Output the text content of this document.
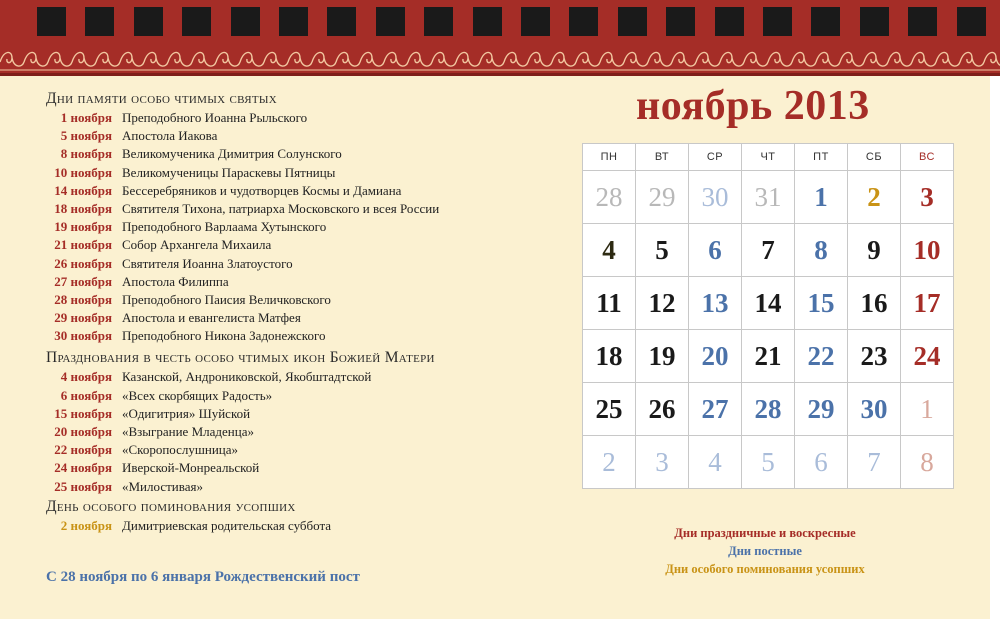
Дни памяти особо чтимых святых
1 ноября Преподобного Иоанна Рыльского
5 ноября Апостола Иакова
8 ноября Великомученика Димитрия Солунского
10 ноября Великомученицы Параскевы Пятницы
14 ноября Бессеребряников и чудотворцев Космы и Дамиана
18 ноября Святителя Тихона, патриарха Московского и всея России
19 ноября Преподобного Варлаама Хутынского
21 ноября Собор Архангела Михаила
26 ноября Святителя Иоанна Златоустого
27 ноября Апостола Филиппа
28 ноября Преподобного Паисия Величковского
29 ноября Апостола и евангелиста Матфея
30 ноября Преподобного Никона Задонежского
Празднования в честь особо чтимых икон Божией Матери
4 ноября Казанской, Андрониковской, Якобштадтской
6 ноября «Всех скорбящих Радость»
15 ноября «Одигитрия» Шуйской
20 ноября «Взыграние Младенца»
22 ноября «Скоропослушница»
24 ноября Иверской-Монреальской
25 ноября «Милостивая»
День особого поминования усопших
2 ноября Димитриевская родительская суббота
С 28 ноября по 6 января Рождественский пост
ноябрь 2013
ПН	ВТ	СР	ЧТ	ПТ	СБ	ВС
28	29	30	31	1	2	3
4	5	6	7	8	9	10
11	12	13	14	15	16	17
18	19	20	21	22	23	24
25	26	27	28	29	30	1
2	3	4	5	6	7	8
Дни праздничные и воскресные
Дни постные
Дни особого поминования усопших
